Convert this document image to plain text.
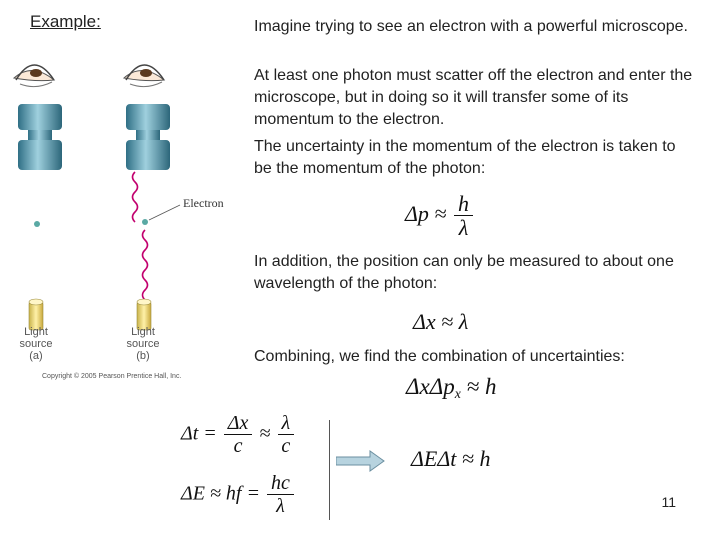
Example:	Imagine trying to see an electron with a powerful microscope.
At least one photon must scatter off the electron and enter the microscope, but in doing so it will transfer some of its momentum to the electron.
The uncertainty in the momentum of the electron is taken to be the momentum of the photon:
In addition, the position can only be measured to about one wavelength of the photon:
Combining, we find the combination of uncertainties:
$\Delta p \approx \frac{h}{\lambda}$
Δx ≈ λ
ΔxΔp$_x$ ≈ h
$\Delta t = \frac{\Delta x}{c} \approx \frac{\lambda}{c}$
ΔE ≈ hf = $\frac{hc}{\lambda}$
ΔEΔt ≈ h
Electron
Light
source
(a)
Light
source
(b)
Copyright © 2005 Pearson Prentice Hall, Inc.
11
